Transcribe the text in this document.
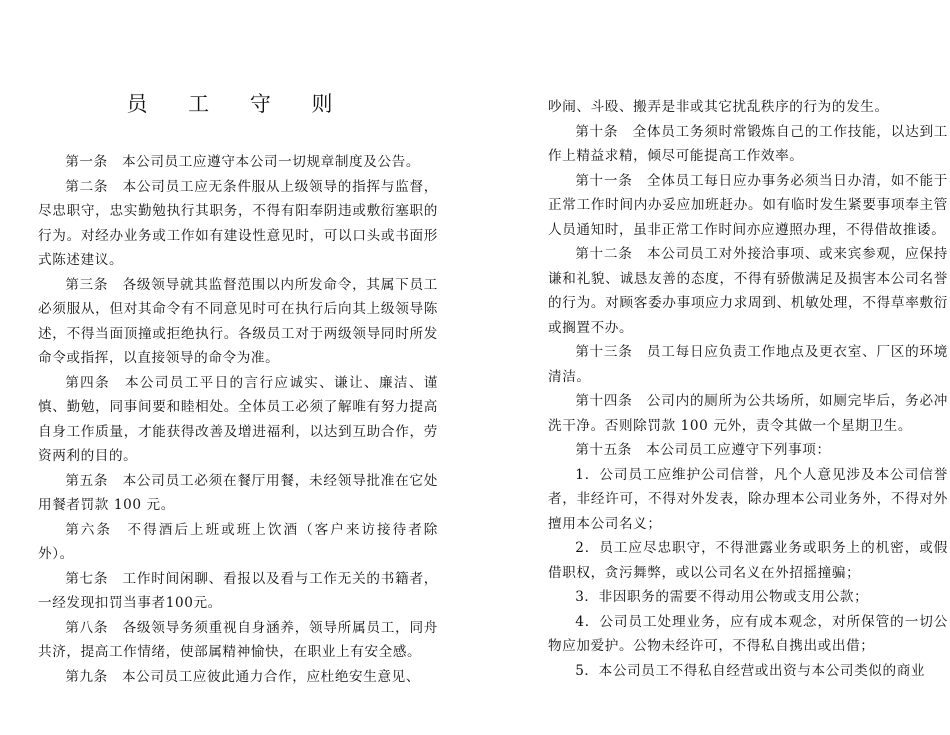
员 工 守 则

第一条　本公司员工应遵守本公司一切规章制度及公告。

第二条　本公司员工应无条件服从上级领导的指挥与监督，尽忠职守，忠实勤勉执行其职务，不得有阳奉阴违或敷衍塞职的行为。对经办业务或工作如有建设性意见时，可以口头或书面形式陈述建议。

第三条　各级领导就其监督范围以内所发命令，其属下员工必须服从，但对其命令有不同意见时可在执行后向其上级领导陈述，不得当面顶撞或拒绝执行。各级员工对于两级领导同时所发命令或指挥，以直接领导的命令为准。

第四条　本公司员工平日的言行应诚实、谦让、廉洁、谨慎、勤勉，同事间要和睦相处。全体员工必须了解唯有努力提高自身工作质量，才能获得改善及增进福利，以达到互助合作，劳资两利的目的。

第五条　本公司员工必须在餐厅用餐，未经领导批准在它处用餐者罚款 100 元。

第六条　不得酒后上班或班上饮酒（客户来访接待者除外）。

第七条　工作时间闲聊、看报以及看与工作无关的书籍者，一经发现扣罚当事者100元。

第八条　各级领导务须重视自身涵养，领导所属员工，同舟共济，提高工作情绪，使部属精神愉快，在职业上有安全感。

第九条　本公司员工应彼此通力合作，应杜绝安生意见、

吵闹、斗殴、搬弄是非或其它扰乱秩序的行为的发生。

第十条　全体员工务须时常锻炼自己的工作技能，以达到工作上精益求精，倾尽可能提高工作效率。

第十一条　全体员工每日应办事务必须当日办清，如不能于正常工作时间内办妥应加班赶办。如有临时发生紧要事项奉主管人员通知时，虽非正常工作时间亦应遵照办理，不得借故推诿。

第十二条　本公司员工对外接洽事项、或来宾参观，应保持谦和礼貌、诚恳友善的态度，不得有骄傲满足及损害本公司名誉的行为。对顾客委办事项应力求周到、机敏处理，不得草率敷衍或搁置不办。

第十三条　员工每日应负责工作地点及更衣室、厂区的环境清洁。

第十四条　公司内的厕所为公共场所，如厕完毕后，务必冲洗干净。否则除罚款 100 元外，责令其做一个星期卫生。

第十五条　本公司员工应遵守下列事项：

1．公司员工应维护公司信誉，凡个人意见涉及本公司信誉者，非经许可，不得对外发表，除办理本公司业务外，不得对外擅用本公司名义；

2．员工应尽忠职守，不得泄露业务或职务上的机密，或假借职权，贪污舞弊，或以公司名义在外招摇撞骗；

3．非因职务的需要不得动用公物或支用公款；

4．公司员工处理业务，应有成本观念，对所保管的一切公物应加爱护。公物未经许可，不得私自携出或出借；

5．本公司员工不得私自经营或出资与本公司类似的商业
